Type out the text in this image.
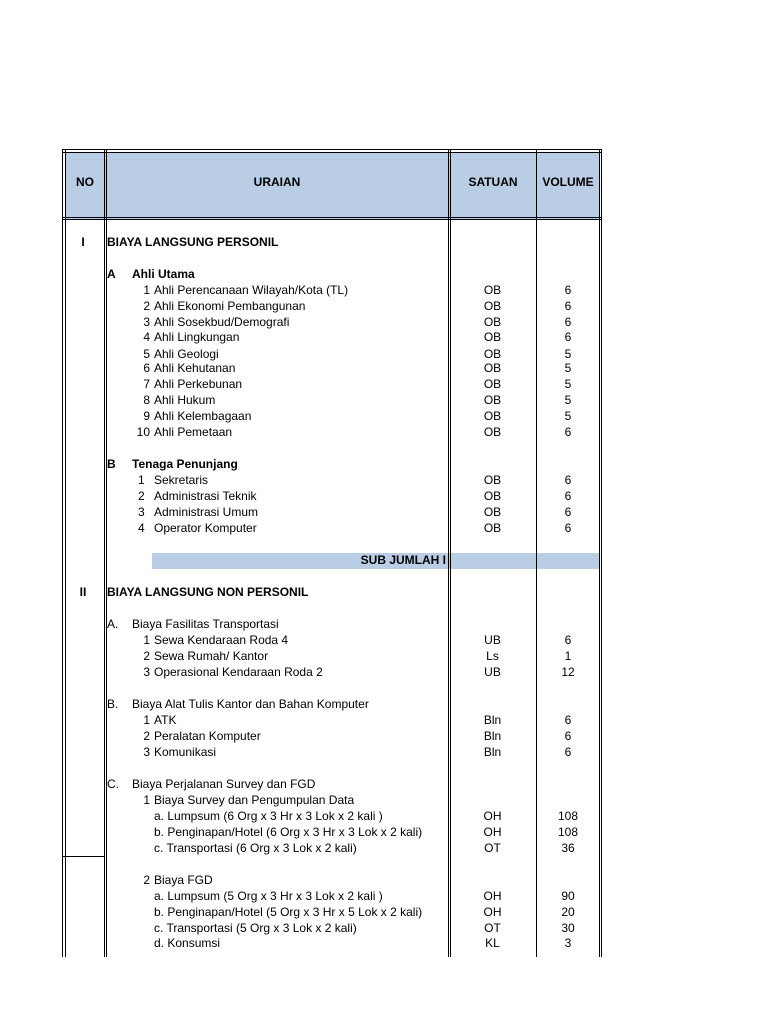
NO	URAIAN	SATUAN	VOLUME
I	BIAYA LANGSUNG PERSONIL
A Ahli Utama
1 Ahli Perencanaan Wilayah/Kota (TL)	OB	6
2 Ahli Ekonomi Pembangunan	OB	6
3 Ahli Sosekbud/Demografi	OB	6
4 Ahli Lingkungan	OB	6
5 Ahli Geologi	OB	5
6 Ahli Kehutanan	OB	5
7 Ahli Perkebunan	OB	5
8 Ahli Hukum	OB	5
9 Ahli Kelembagaan	OB	5
10 Ahli Pemetaan	OB	6
B Tenaga Penunjang
1 Sekretaris	OB	6
2 Administrasi Teknik	OB	6
3 Administrasi Umum	OB	6
4 Operator Komputer	OB	6
SUB JUMLAH I
II	BIAYA LANGSUNG NON PERSONIL
A. Biaya Fasilitas Transportasi
1 Sewa Kendaraan Roda 4	UB	6
2 Sewa Rumah/ Kantor	Ls	1
3 Operasional Kendaraan Roda 2	UB	12
B. Biaya Alat Tulis Kantor dan Bahan Komputer
1 ATK	Bln	6
2 Peralatan Komputer	Bln	6
3 Komunikasi	Bln	6
C. Biaya Perjalanan Survey dan FGD
1 Biaya Survey dan Pengumpulan Data
a. Lumpsum (6 Org x 3 Hr x 3 Lok x 2 kali )	OH	108
b. Penginapan/Hotel (6 Org x 3 Hr x 3 Lok x 2 kali)	OH	108
c. Transportasi (6 Org x 3 Lok x 2 kali)	OT	36
2 Biaya FGD
a. Lumpsum (5 Org x 3 Hr x 3 Lok x 2 kali )	OH	90
b. Penginapan/Hotel (5 Org x 3 Hr x 5 Lok x 2 kali)	OH	20
c. Transportasi (5 Org x 3 Lok x 2 kali)	OT	30
d. Konsumsi	KL	3
